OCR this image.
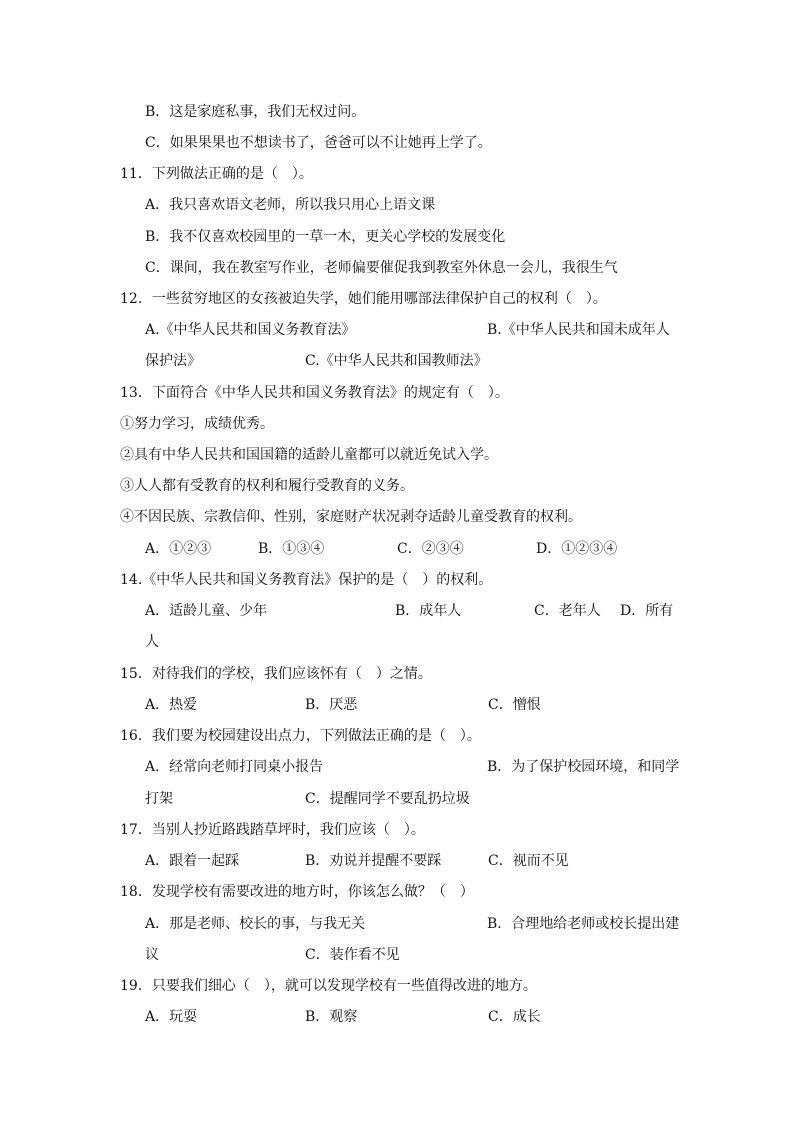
B．这是家庭私事，我们无权过问。
C．如果果果也不想读书了，爸爸可以不让她再上学了。
11．下列做法正确的是（　）。
A．我只喜欢语文老师，所以我只用心上语文课
B．我不仅喜欢校园里的一草一木，更关心学校的发展变化
C．课间，我在教室写作业，老师偏要催促我到教室外休息一会儿，我很生气
12．一些贫穷地区的女孩被迫失学，她们能用哪部法律保护自己的权利（　）。
A.《中华人民共和国义务教育法》	B.《中华人民共和国未成年人
保护法》	C.《中华人民共和国教师法》
13．下面符合《中华人民共和国义务教育法》的规定有（　）。
①努力学习，成绩优秀。
②具有中华人民共和国国籍的适龄儿童都可以就近免试入学。
③人人都有受教育的权利和履行受教育的义务。
④不因民族、宗教信仰、性别，家庭财产状况剥夺适龄儿童受教育的权利。
A．①②③	B．①③④	C．②③④	D．①②③④
14.《中华人民共和国义务教育法》保护的是（　）的权利。
A．适龄儿童、少年	B．成年人	C．老年人 D．所有
人
15．对待我们的学校，我们应该怀有（　）之情。
A．热爱	B．厌恶	C．憎恨
16．我们要为校园建设出点力，下列做法正确的是（　）。
A．经常向老师打同桌小报告	B．为了保护校园环境，和同学
打架	C．提醒同学不要乱扔垃圾
17．当别人抄近路践踏草坪时，我们应该（　）。
A．跟着一起踩	B．劝说并提醒不要踩	C．视而不见
18．发现学校有需要改进的地方时，你该怎么做？（　）
A．那是老师、校长的事，与我无关	B．合理地给老师或校长提出建
议	C．装作看不见
19．只要我们细心（　），就可以发现学校有一些值得改进的地方。
A．玩耍	B．观察	C．成长
